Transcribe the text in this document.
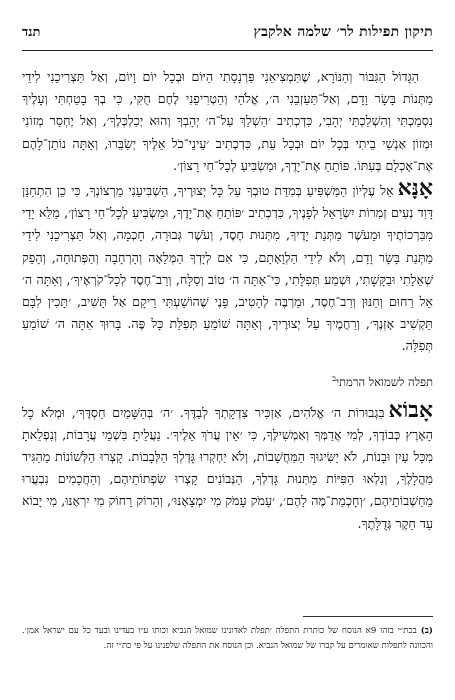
תיקון תפילות לר׳ שלמה אלקבץ
תנד

הַגָּדוֹל הַגִּבּוֹר וְהַנּוֹרָא, שֶׁתַּמְצִיאֵנִי פַּרְנָסָתִי הַיּוֹם וּבְכָל יוֹם וָיוֹם, וְאַל תַּצְרִיכֵנִי לִידֵי מַתְּנוֹת בָּשָׂר וָדָם, וְאַל־תַּעַזְבֵנִי ה׳, אֱלֹהַי וְהַטְרִיפֵנִי לֶחֶם חֻקִּי, כִּי בְךָ בָטַחְתִּי וְעָלֶיךָ נִסְמַכְתִּי וְהִשְׁלַכְתִּי יְהָבִי, כִּדְכְתִיב ׳הַשְׁלֵךְ עַל־ה׳ יְהָבְךָ וְהוּא יְכַלְכְּלֶךָ׳, וְאַל יֶחְסַר מְזוֹנִי וּמְזוֹן אַנְשֵׁי בֵיתִי בְּכָל יוֹם וּבְכָל עֵת, כִּדְכְתִיב ׳עֵינֵי־כֹל אֵלֶיךָ יְשַׂבֵּרוּ, וְאַתָּה נוֹתֵן־לָהֶם אֶת־אָכְלָם בְּעִתּוֹ. פּוֹתֵחַ אֶת־יָדֶךָ, וּמַשְׂבִּיעַ לְכָל־חַי רָצוֹן׳.

אָנָּאאֵל עֶלְיוֹן הַמַּשְׁפִּיעַ בְּמִדַּת טוּבְךָ עַל כָּל יְצוּרֶיךָ, הַשְׁבִּיעֵנִי מֵרְצוֹנְךָ, כִּי כֵן הִתְחַנֵּן דָּוִד נְעִים זְמִרוֹת יִשְׂרָאֵל לְפָנֶיךָ, כִּדְכְתִיב ׳פּוֹתֵחַ אֶת־יָדֶךָ, וּמַשְׂבִּיעַ לְכָל־חַי רָצוֹן׳, מַלֵּא יָדַי מִבִּרְכוֹתֶיךָ וּמֵעֹשֶׁר מַתְּנַת יָדֶיךָ, מִתְּנוּת חֶסֶד, וְעֹשֶׁר גְּבוּרָה, חָכְמָה, וְאַל תַּצְרִיכֵנִי לִידֵי מַתְּנַת בָּשָׂר וָדָם, וְלֹא לִידֵי הַלְוָאָתָם, כִּי אִם לְיָדְךָ הַמְּלֵאָה וְהָרְחָבָה וְהַפְּתוּחָה, וְהָפֵק שְׁאֵלָתִי וּבַקָּשָׁתִי, וּשְׁמַע תְּפִלָּתִי, כִּי־אַתָּה ה׳ טוֹב וְסַלָּח, וְרַב־חֶסֶד לְכָל־קֹרְאֶיךָ׳, וְאַתָּה ה׳ אֵל רַחוּם וְחַנּוּן וְרַב־חֶסֶד, וּמַרְבֶּה לְהֵטִיב, פָּנֶי שֶׁהוֹשַׁעְתִּי רֵיקָם אַל תָּשִׁיב, ׳תָּכִין לִבָּם תַּקְשִׁיב אָזְנֶךָ׳, וְרַחֲמֶיךָ עַל יְצוּרֶיךָ, וְאַתָּה שׁוֹמֵעַ תְּפִלַּת כָּל פֶּה. בָּרוּךְ אַתָּה ה׳ שׁוֹמֵעַ תְּפִלָּה.

תפלה לשמואל הרמתי$^ב$

אָבוֹאבִּגְבוּרוֹת ה׳ אֱלֹהִים, אַזְכִּיר צִדְקָתְךָ לְבַדֶּךָ. ׳ה׳ בְּהַשָּׁמַיִם חַסְדֶּךָ׳, וּמְלֹא כָל הָאָרֶץ כְּבוֹדֶךָ, לְמִי אֲדַמְּךָ וְאַמְשִׁילֶךָ, כִּי ׳אֵין עֲרֹךְ אֵלֶיךָ׳. נַעֲלֵיתָ בִּשְׁמֵי עֲרָבוֹת, וְנִפְלֵאתָ מִכָּל עַיִן וּבָנוֹת, לֹא יַשִּׂיגוּךָ הַמַּחֲשָׁבוֹת, וְלֹא יַחְקְרוּ גָּדְלְךָ הַלְּבָבוֹת. קָצְרוּ הַלְּשׁוֹנוֹת מֵהַגִּיד מַהֲלָלֶךָ, וְנִלְאוּ הַפִּיּוֹת מַתְּנוּת גָּדְלְךָ, הַנְּבוֹנִים קָצְרוּ שִׂפְתוֹתֵיהֶם, וְהַחֲכָמִים נִבְעֲרוּ מֵחַשְׁבוֹתֵיהֶם, ׳וְחָכְמַת־מֶה לָהֶם׳, ׳עָמֹק עָמֹק מִי יִמְצָאֶנּוּ׳, וְהַרוֹק רָחוֹק מִי יִרְאֶנּוּ, מִי יָבוֹא עַד חֵקֶר גְּדֻלָּתֶךָ.

(ב)בכת״י בזהו 9א הנוסח של כותרת התפלה ׳תפלת לאדונינו שמואל הנביא וכותו ע״ו בעדינו ובעד כל עם ישראל אמן׳. והכוונה לתפלות שאומרים על קברו של שמואל הנביא. וכן הנוסח את התפלה שלפנינו על פי כת״י זה.
